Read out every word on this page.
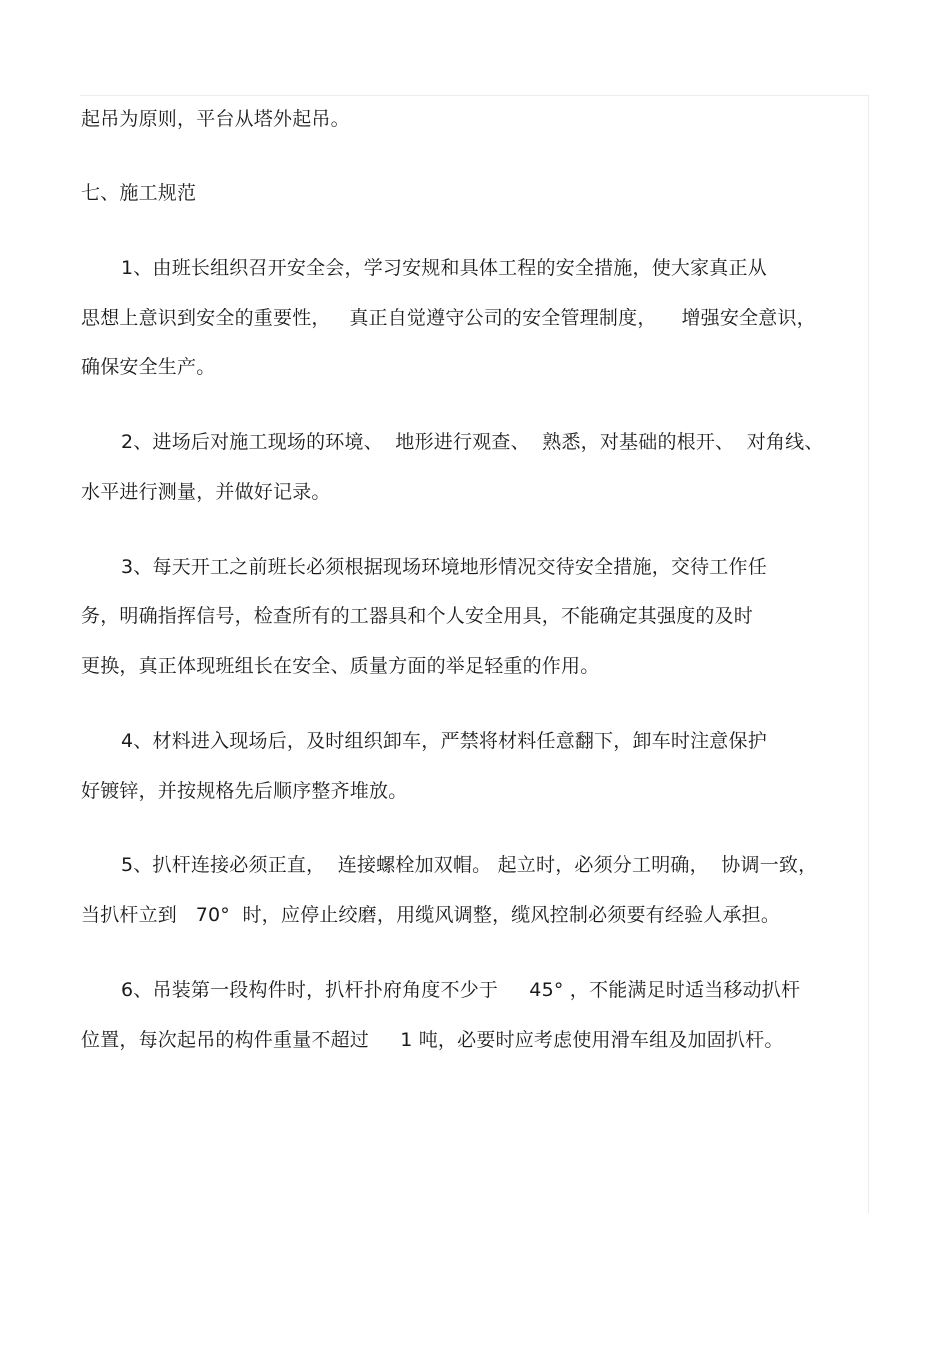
起吊为原则，平台从塔外起吊。
七、施工规范
1、由班长组织召开安全会，学习安规和具体工程的安全措施，使大家真正从
思想上意识到安全的重要性，   真正自觉遵守公司的安全管理制度，    增强安全意识，
确保安全生产。
2、进场后对施工现场的环境、  地形进行观查、  熟悉，对基础的根开、  对角线、
水平进行测量，并做好记录。
3、每天开工之前班长必须根据现场环境地形情况交待安全措施，交待工作任
务，明确指挥信号，检查所有的工器具和个人安全用具，不能确定其强度的及时
更换，真正体现班组长在安全、质量方面的举足轻重的作用。
4、材料进入现场后，及时组织卸车，严禁将材料任意翻下，卸车时注意保护
好镀锌，并按规格先后顺序整齐堆放。
5、扒杆连接必须正直，  连接螺栓加双帽。 起立时，必须分工明确，  协调一致，
当扒杆立到   70°  时，应停止绞磨，用缆风调整，缆风控制必须要有经验人承担。
6、吊装第一段构件时，扒杆扑府角度不少于     45° ，不能满足时适当移动扒杆
位置，每次起吊的构件重量不超过     1 吨，必要时应考虑使用滑车组及加固扒杆。
